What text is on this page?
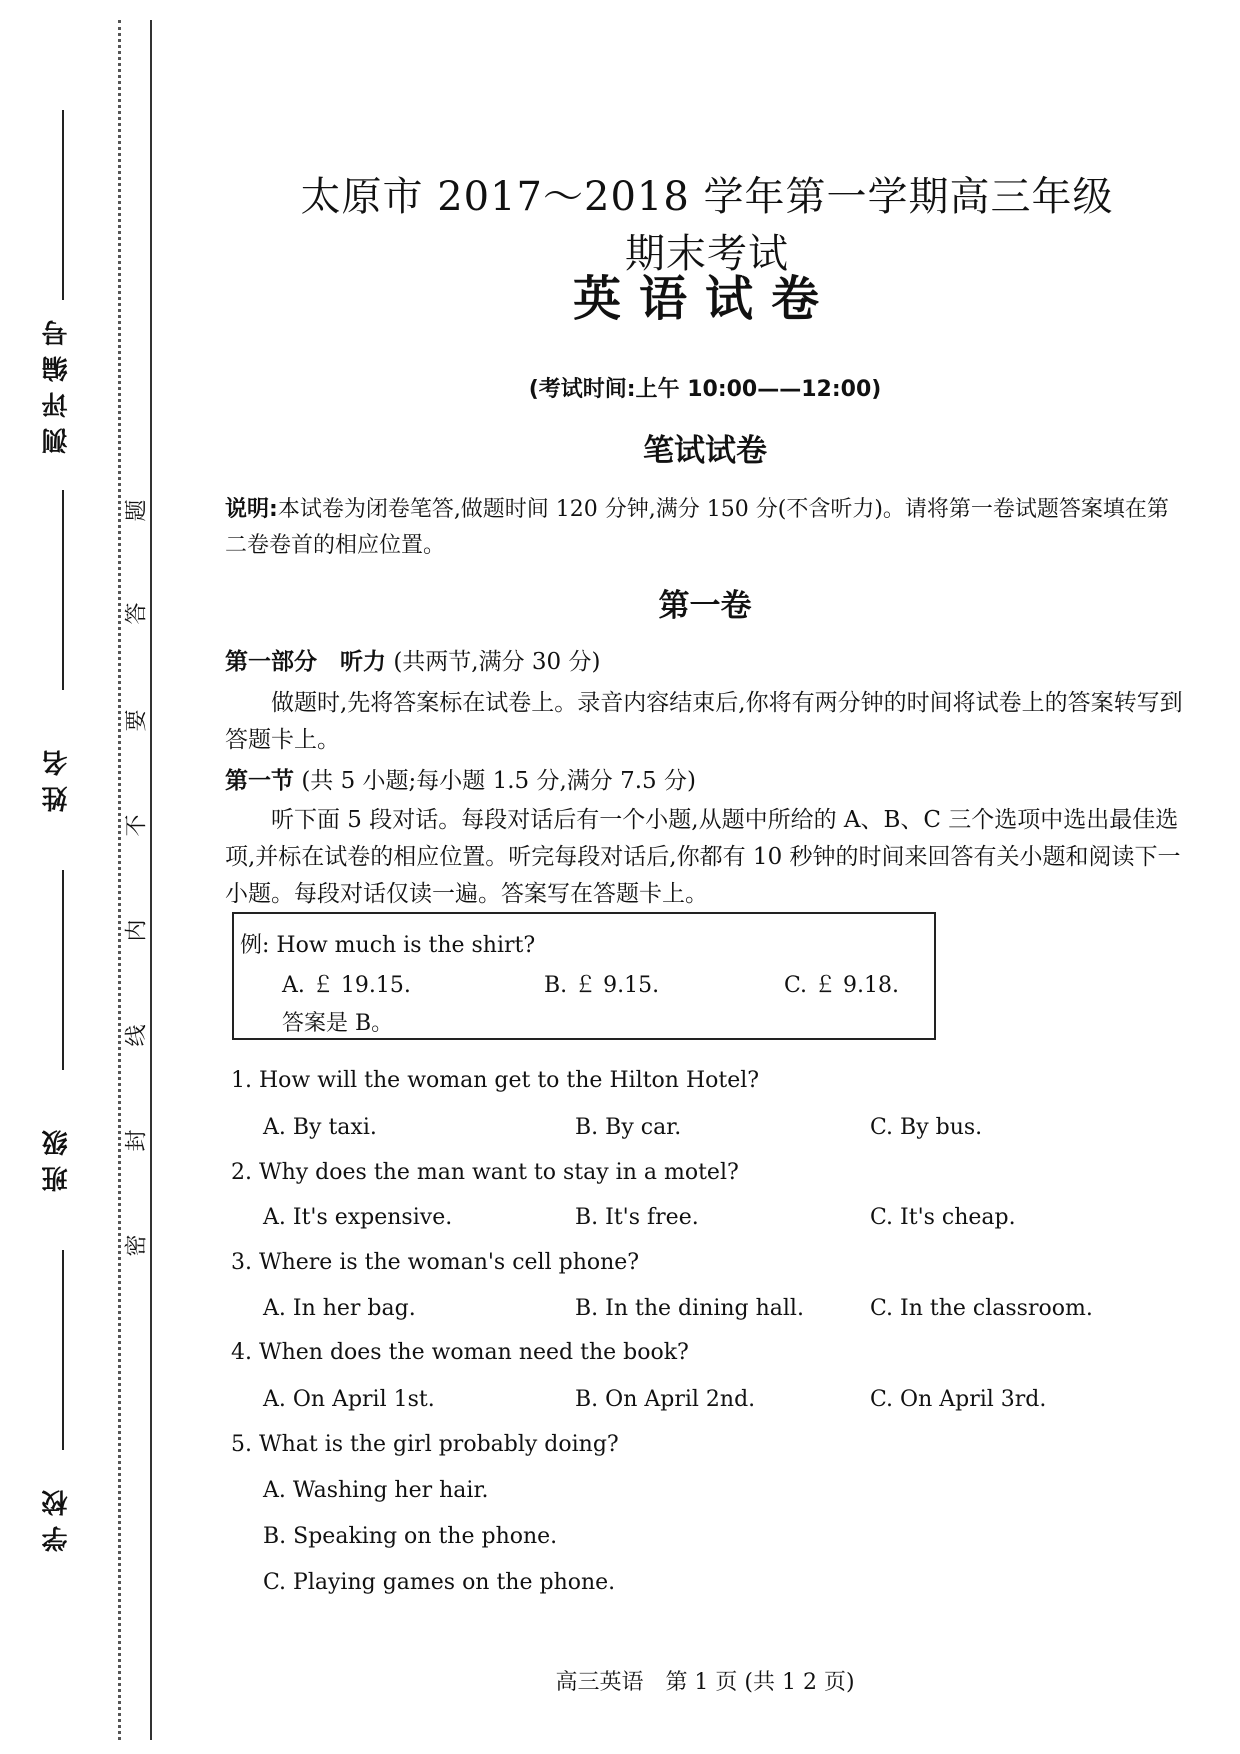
测评编号
姓名
班级
学校
题
答
要
不
内
线
封
密
太原市 2017～2018 学年第一学期高三年级期末考试
英语试卷
(考试时间:上午 10:00——12:00)
笔试试卷
说明:本试卷为闭卷笔答,做题时间 120 分钟,满分 150 分(不含听力)。请将第一卷试题答案填在第二卷卷首的相应位置。
第一卷
第一部分　听力 (共两节,满分 30 分)
做题时,先将答案标在试卷上。录音内容结束后,你将有两分钟的时间将试卷上的答案转写到答题卡上。
第一节 (共 5 小题;每小题 1.5 分,满分 7.5 分)
听下面 5 段对话。每段对话后有一个小题,从题中所给的 A、B、C 三个选项中选出最佳选项,并标在试卷的相应位置。听完每段对话后,你都有 10 秒钟的时间来回答有关小题和阅读下一小题。每段对话仅读一遍。答案写在答题卡上。
例: How much is the shirt?
A. ￡ 19.15.	B. ￡ 9.15.	C. ￡ 9.18.
答案是 B。
1. How will the woman get to the Hilton Hotel?
A. By taxi.	B. By car.	C. By bus.
2. Why does the man want to stay in a motel?
A. It's expensive.	B. It's free.	C. It's cheap.
3. Where is the woman's cell phone?
A. In her bag.	B. In the dining hall.	C. In the classroom.
4. When does the woman need the book?
A. On April 1st.	B. On April 2nd.	C. On April 3rd.
5. What is the girl probably doing?
A. Washing her hair.
B. Speaking on the phone.
C. Playing games on the phone.
高三英语　第 1 页 (共 1 2 页)
